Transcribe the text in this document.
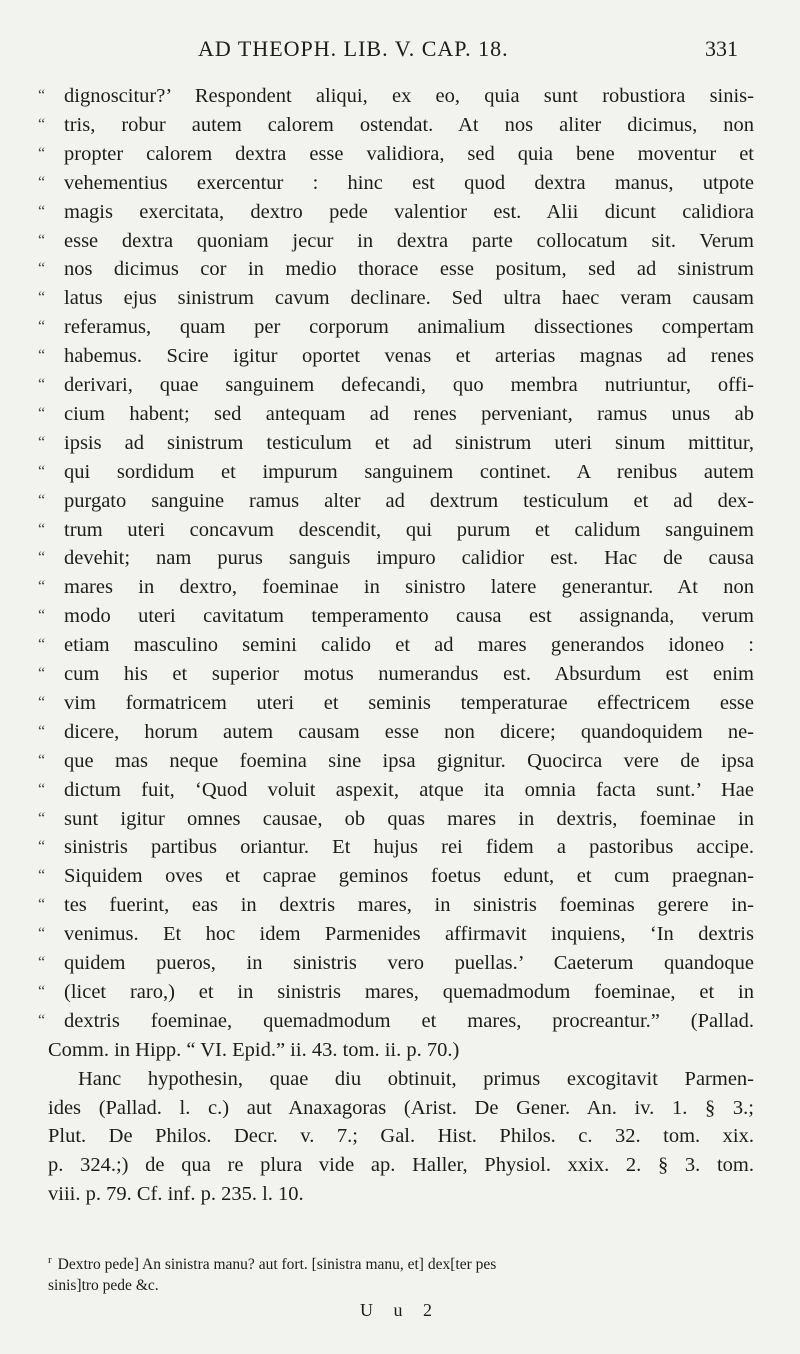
AD THEOPH. LIB. V. CAP. 18.	331
“ dignoscitur?’ Respondent aliqui, ex eo, quia sunt robustiora sinis-
“ tris, robur autem calorem ostendat. At nos aliter dicimus, non
“ propter calorem dextra esse validiora, sed quia bene moventur et
“ vehementius exercentur : hinc est quod dextra manus, utpote
“ magis exercitata, dextro pede valentior est. Alii dicunt calidiora
“ esse dextra quoniam jecur in dextra parte collocatum sit. Verum
“ nos dicimus cor in medio thorace esse positum, sed ad sinistrum
“ latus ejus sinistrum cavum declinare. Sed ultra haec veram causam
“ referamus, quam per corporum animalium dissectiones compertam
“ habemus. Scire igitur oportet venas et arterias magnas ad renes
“ derivari, quae sanguinem defecandi, quo membra nutriuntur, offi-
“ cium habent; sed antequam ad renes perveniant, ramus unus ab
“ ipsis ad sinistrum testiculum et ad sinistrum uteri sinum mittitur,
“ qui sordidum et impurum sanguinem continet. A renibus autem
“ purgato sanguine ramus alter ad dextrum testiculum et ad dex-
“ trum uteri concavum descendit, qui purum et calidum sanguinem
“ devehit; nam purus sanguis impuro calidior est. Hac de causa
“ mares in dextro, foeminae in sinistro latere generantur. At non
“ modo uteri cavitatum temperamento causa est assignanda, verum
“ etiam masculino semini calido et ad mares generandos idoneo :
“ cum his et superior motus numerandus est. Absurdum est enim
“ vim formatricem uteri et seminis temperaturae effectricem esse
“ dicere, horum autem causam esse non dicere; quandoquidem ne-
“ que mas neque foemina sine ipsa gignitur. Quocirca vere de ipsa
“ dictum fuit, ‘Quod voluit aspexit, atque ita omnia facta sunt.’ Hae
“ sunt igitur omnes causae, ob quas mares in dextris, foeminae in
“ sinistris partibus oriantur. Et hujus rei fidem a pastoribus accipe.
“ Siquidem oves et caprae geminos foetus edunt, et cum praegnan-
“ tes fuerint, eas in dextris mares, in sinistris foeminas gerere in-
“ venimus. Et hoc idem Parmenides affirmavit inquiens, ‘In dextris
“ quidem pueros, in sinistris vero puellas.’ Caeterum quandoque
“ (licet raro,) et in sinistris mares, quemadmodum foeminae, et in
“ dextris foeminae, quemadmodum et mares, procreantur.” (Pallad.
Comm. in Hipp. “ VI. Epid.” ii. 43. tom. ii. p. 70.)
Hanc hypothesin, quae diu obtinuit, primus excogitavit Parmen-
ides (Pallad. l. c.) aut Anaxagoras (Arist. De Gener. An. iv. 1. § 3.;
Plut. De Philos. Decr. v. 7.; Gal. Hist. Philos. c. 32. tom. xix.
p. 324.;) de qua re plura vide ap. Haller, Physiol. xxix. 2. § 3. tom.
viii. p. 79. Cf. inf. p. 235. l. 10.
$^r$ Dextro pede] An sinistra manu? aut fort. [sinistra manu, et] dex[ter pes
sinis]tro pede &c.
U u 2
